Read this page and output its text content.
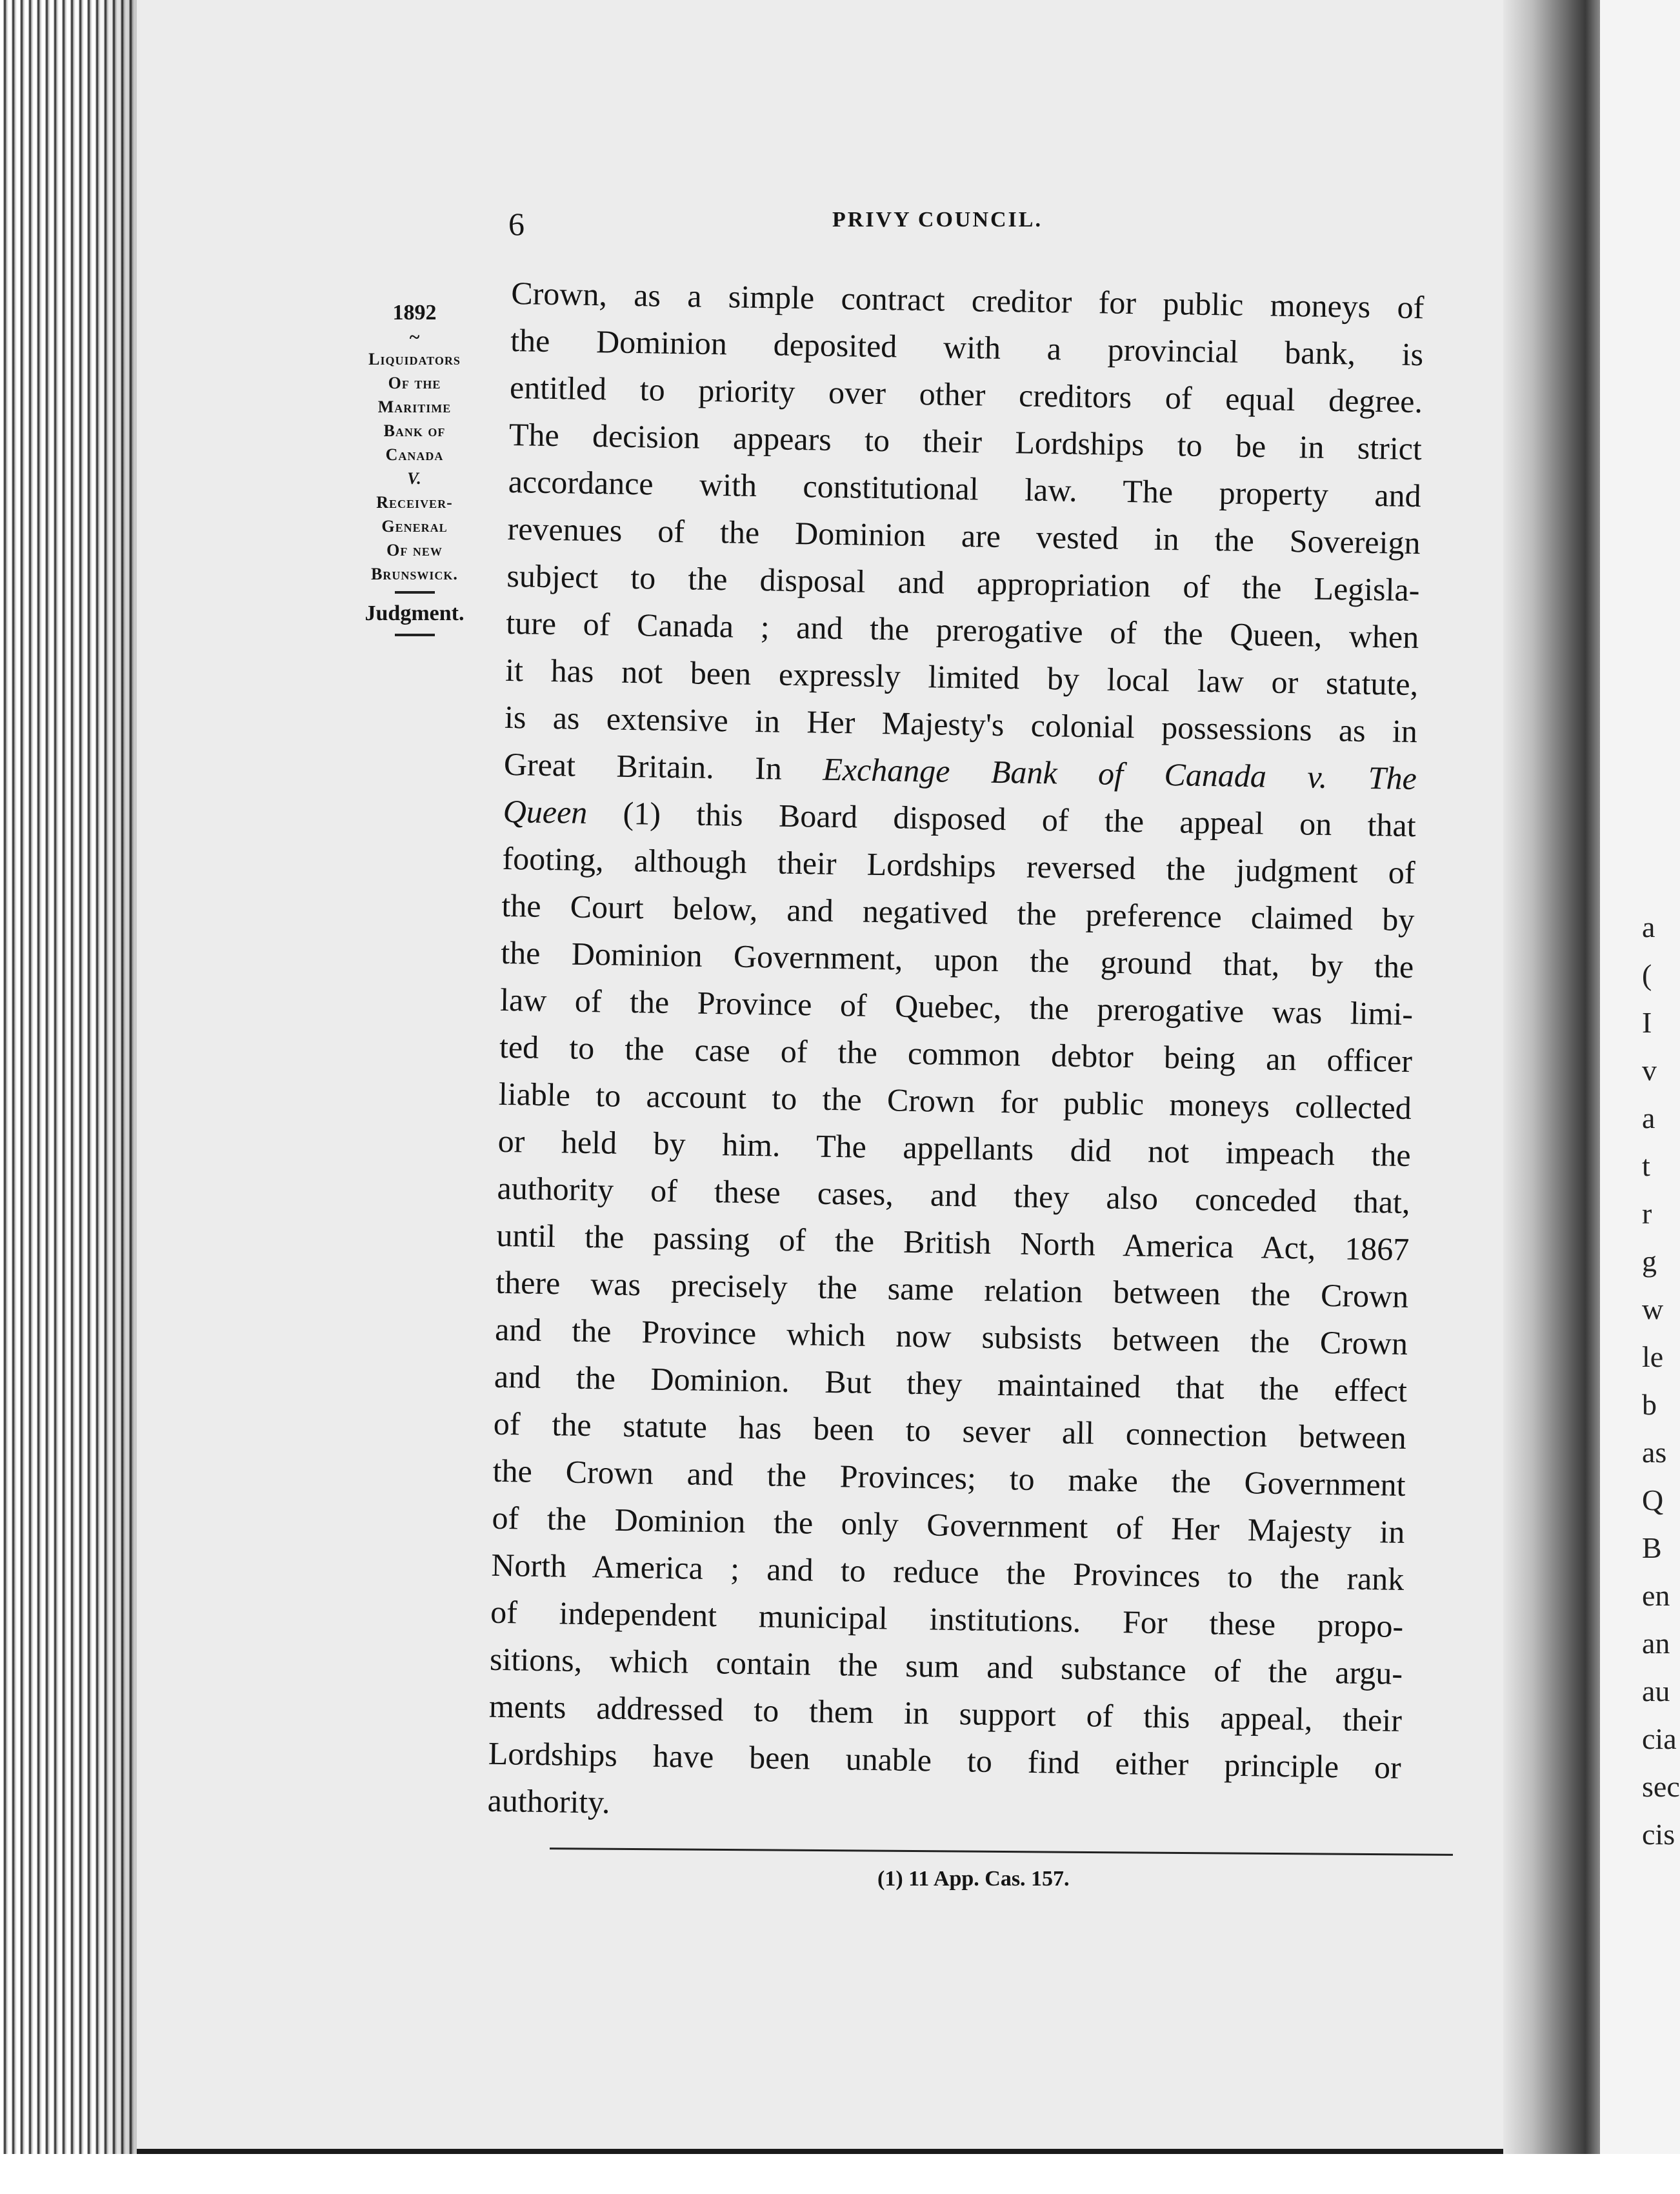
a
(
I
v
a
t
r
g
w
le
b
as
Q
B
en
an
au
cia
sec
cis
6	PRIVY COUNCIL.
1892
~
Liquidators
Of the
Maritime
Bank of
Canada
V.
Receiver-
General
Of new
Brunswick.
Judgment.
Crown, as a simple contract creditor for public moneys of
the Dominion deposited with a provincial bank, is
entitled to priority over other creditors of equal degree.
The decision appears to their Lordships to be in strict
accordance with constitutional law. The property and
revenues of the Dominion are vested in the Sovereign
subject to the disposal and appropriation of the Legisla-
ture of Canada ; and the prerogative of the Queen, when
it has not been expressly limited by local law or statute,
is as extensive in Her Majesty's colonial possessions as in
Great Britain. In Exchange Bank of Canada v. The
Queen (1) this Board disposed of the appeal on that
footing, although their Lordships reversed the judgment of
the Court below, and negatived the preference claimed by
the Dominion Government, upon the ground that, by the
law of the Province of Quebec, the prerogative was limi-
ted to the case of the common debtor being an officer
liable to account to the Crown for public moneys collected
or held by him. The appellants did not impeach the
authority of these cases, and they also conceded that,
until the passing of the British North America Act, 1867
there was precisely the same relation between the Crown
and the Province which now subsists between the Crown
and the Dominion. But they maintained that the effect
of the statute has been to sever all connection between
the Crown and the Provinces; to make the Government
of the Dominion the only Government of Her Majesty in
North America ; and to reduce the Provinces to the rank
of independent municipal institutions. For these propo-
sitions, which contain the sum and substance of the argu-
ments addressed to them in support of this appeal, their
Lordships have been unable to find either principle or
authority.
(1) 11 App. Cas. 157.
